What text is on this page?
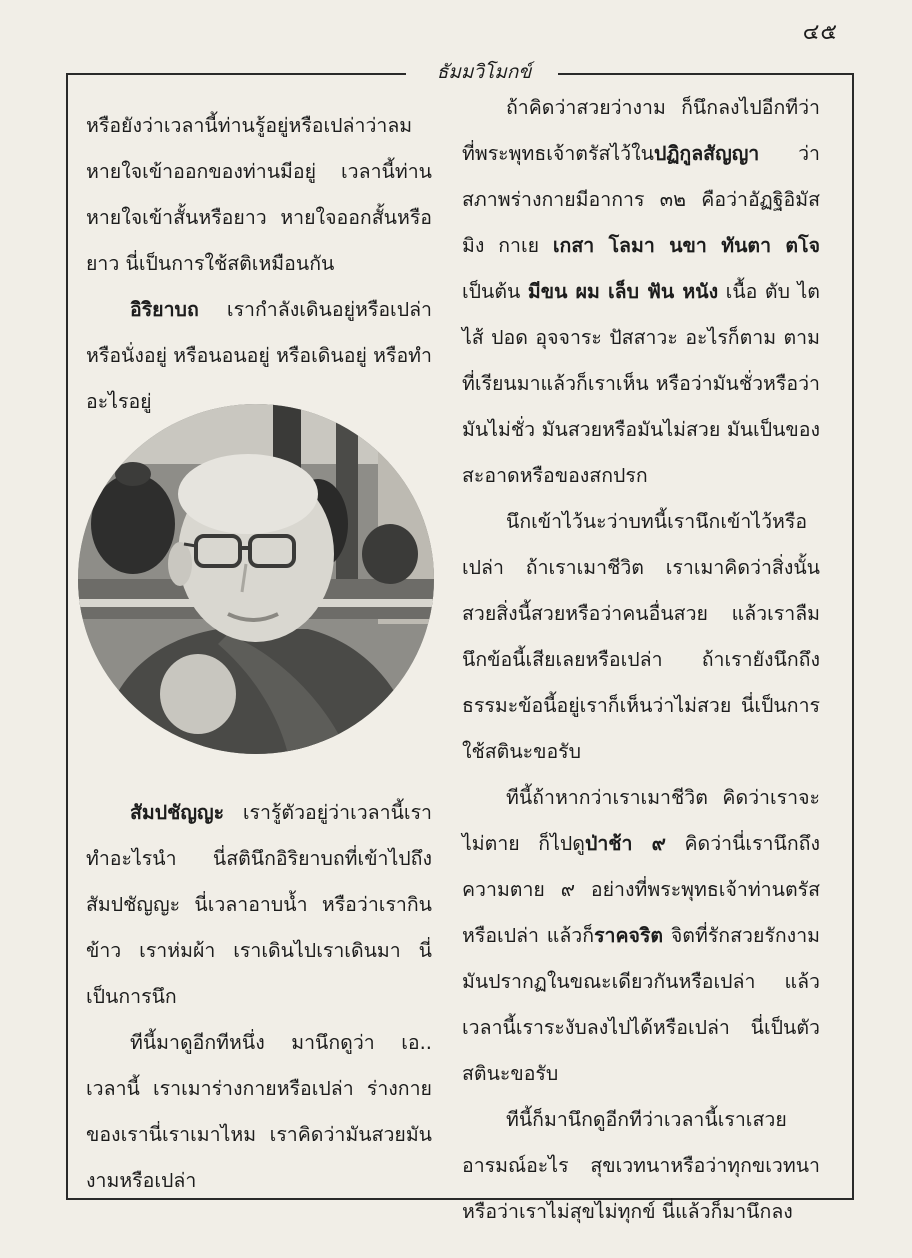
๔๕
ธัมมวิโมกข์

หรือยังว่าเวลานี้ท่านรู้อยู่หรือเปล่าว่าลมหายใจเข้าออกของท่านมีอยู่ เวลานี้ท่านหายใจเข้าสั้นหรือยาว หายใจออกสั้นหรือยาว นี่เป็นการใช้สติเหมือนกัน

อิริยาบถ เรากำลังเดินอยู่หรือเปล่าหรือนั่งอยู่ หรือนอนอยู่ หรือเดินอยู่ หรือทำอะไรอยู่

สัมปชัญญะ เรารู้ตัวอยู่ว่าเวลานี้เราทำอะไรนำ นี่สตินึกอิริยาบถที่เข้าไปถึงสัมปชัญญะ นี่เวลาอาบน้ำ หรือว่าเรากินข้าว เราห่มผ้า เราเดินไปเราเดินมา นี่เป็นการนึก

ทีนี้มาดูอีกทีหนึ่ง มานึกดูว่า เอ.. เวลานี้ เราเมาร่างกายหรือเปล่า ร่างกายของเรานี่เราเมาไหม เราคิดว่ามันสวยมันงามหรือเปล่า

ถ้าคิดว่าสวยว่างาม ก็นึกลงไปอีกทีว่า ที่พระพุทธเจ้าตรัสไว้ในปฏิกูลสัญญา ว่า สภาพร่างกายมีอาการ ๓๒ คือว่าอัฏฐิอิมัสมิง กาเย เกสา โลมา นขา ทันตา ตโจ เป็นต้น มีขน ผม เล็บ ฟัน หนัง เนื้อ ตับ ไต ไส้ ปอด อุจจาระ ปัสสาวะ อะไรก็ตาม ตามที่เรียนมาแล้วก็เราเห็น หรือว่ามันชั่วหรือว่ามันไม่ชั่ว มันสวยหรือมันไม่สวย มันเป็นของสะอาดหรือของสกปรก

นึกเข้าไว้นะว่าบทนี้เรานึกเข้าไว้หรือเปล่า ถ้าเราเมาชีวิต เราเมาคิดว่าสิ่งนั้นสวยสิ่งนี้สวยหรือว่าคนอื่นสวย แล้วเราลืมนึกข้อนี้เสียเลยหรือเปล่า ถ้าเรายังนึกถึงธรรมะข้อนี้อยู่เราก็เห็นว่าไม่สวย นี่เป็นการใช้สตินะขอรับ

ทีนี้ถ้าหากว่าเราเมาชีวิต คิดว่าเราจะไม่ตาย ก็ไปดูป่าช้า ๙ คิดว่านี่เรานึกถึงความตาย ๙ อย่างที่พระพุทธเจ้าท่านตรัสหรือเปล่า แล้วก็ราคจริต จิตที่รักสวยรักงามมันปรากฏในขณะเดียวกันหรือเปล่า แล้วเวลานี้เราระงับลงไปได้หรือเปล่า นี่เป็นตัวสตินะขอรับ

ทีนี้ก็มานึกดูอีกทีว่าเวลานี้เราเสวยอารมณ์อะไร สุขเวทนาหรือว่าทุกขเวทนา หรือว่าเราไม่สุขไม่ทุกข์ นี่แล้วก็มานึกลง
